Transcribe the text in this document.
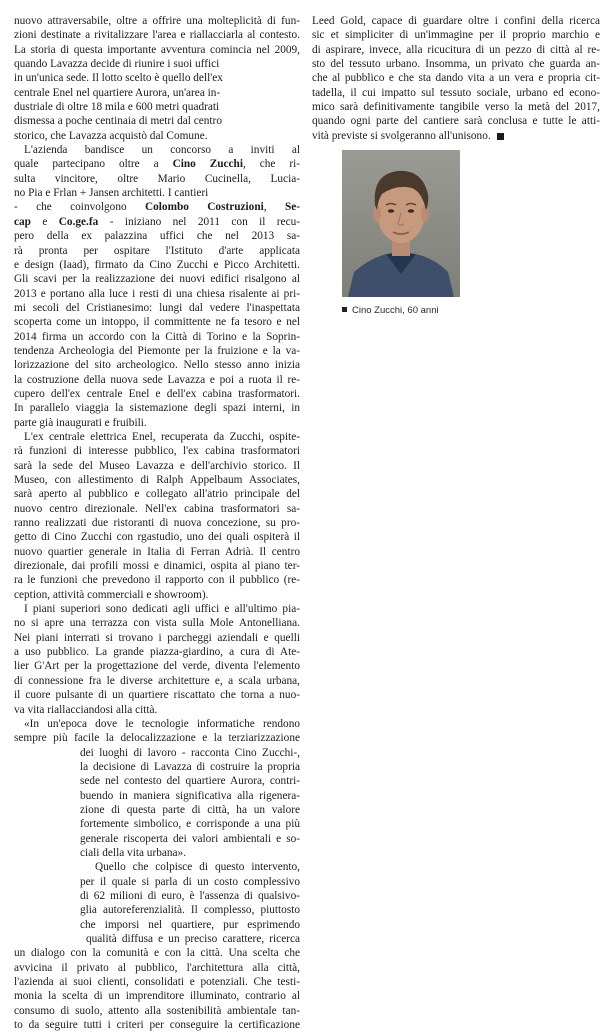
nuovo attraversabile, oltre a offrire una molteplicità di fun-
zioni destinate a rivitalizzare l'area e riallacciarla al contesto.
La storia di questa importante avventura comincia nel 2009,
quando Lavazza decide di riunire i suoi uffici
in un'unica sede. Il lotto scelto è quello dell'ex
centrale Enel nel quartiere Aurora, un'area in-
dustriale di oltre 18 mila e 600 metri quadrati
dismessa a poche centinaia di metri dal centro
storico, che Lavazza acquistò dal Comune.
L'azienda bandisce un concorso a inviti al
quale partecipano oltre a Cino Zucchi, che ri-
sulta vincitore, oltre Mario Cucinella, Lucia-
no Pia e Frlan + Jansen architetti. I cantieri
- che coinvolgono Colombo Costruzioni, Se-
cap e Co.ge.fa - iniziano nel 2011 con il recu-
pero della ex palazzina uffici che nel 2013 sa-
rà pronta per ospitare l'Istituto d'arte applicata
e design (Iaad), firmato da Cino Zucchi e Picco Architetti.
Gli scavi per la realizzazione dei nuovi edifici risalgono al
2013 e portano alla luce i resti di una chiesa risalente ai pri-
mi secoli del Cristianesimo: lungi dal vedere l'inaspettata
scoperta come un intoppo, il committente ne fa tesoro e nel
2014 firma un accordo con la Città di Torino e la Soprin-
tendenza Archeologia del Piemonte per la fruizione e la va-
lorizzazione del sito archeologico. Nello stesso anno inizia
la costruzione della nuova sede Lavazza e poi a ruota il re-
cupero dell'ex centrale Enel e dell'ex cabina trasformatori.
In parallelo viaggia la sistemazione degli spazi interni, in
parte già inaugurati e fruibili.
L'ex centrale elettrica Enel, recuperata da Zucchi, ospite-
rà funzioni di interesse pubblico, l'ex cabina trasformatori
sarà la sede del Museo Lavazza e dell'archivio storico. Il
Museo, con allestimento di Ralph Appelbaum Associates,
sarà aperto al pubblico e collegato all'atrio principale del
nuovo centro direzionale. Nell'ex cabina trasformatori sa-
ranno realizzati due ristoranti di nuova concezione, su pro-
getto di Cino Zucchi con rgastudio, uno dei quali ospiterà il
nuovo quartier generale in Italia di Ferran Adrià. Il centro
direzionale, dai profili mossi e dinamici, ospita al piano ter-
ra le funzioni che prevedono il rapporto con il pubblico (re-
ception, attività commerciali e showroom).
I piani superiori sono dedicati agli uffici e all'ultimo pia-
no si apre una terrazza con vista sulla Mole Antonelliana.
Nei piani interrati si trovano i parcheggi aziendali e quelli
a uso pubblico. La grande piazza-giardino, a cura di Ate-
lier G'Art per la progettazione del verde, diventa l'elemento
di connessione fra le diverse architetture e, a scala urbana,
il cuore pulsante di un quartiere riscattato che torna a nuo-
va vita riallacciandosi alla città.
«In un'epoca dove le tecnologie informatiche rendono
sempre più facile la delocalizzazione e la terziarizzazione
dei luoghi di lavoro - racconta Cino Zucchi-,
la decisione di Lavazza di costruire la propria
sede nel contesto del quartiere Aurora, contri-
buendo in maniera significativa alla rigenera-
zione di questa parte di città, ha un valore
fortemente simbolico, e corrisponde a una più
generale riscoperta dei valori ambientali e so-
ciali della vita urbana».
Quello che colpisce di questo intervento,
per il quale si parla di un costo complessivo
di 62 milioni di euro, è l'assenza di qualsivo-
glia autoreferenzialità. Il complesso, piuttosto
che imporsi nel quartiere, pur esprimendo
qualità diffusa e un preciso carattere, ricerca
un dialogo con la comunità e con la città. Una scelta che
avvicina il privato al pubblico, l'architettura alla città,
l'azienda ai suoi clienti, consolidati e potenziali. Che testi-
monia la scelta di un imprenditore illuminato, contrario al
consumo di suolo, attento alla sostenibilità ambientale tan-
to da seguire tutti i criteri per conseguire la certificazione
Leed Gold, capace di guardare oltre i confini della ricerca
sic et simpliciter di un'immagine per il proprio marchio e
di aspirare, invece, alla ricucitura di un pezzo di città al re-
sto del tessuto urbano. Insomma, un privato che guarda an-
che al pubblico e che sta dando vita a un vera e propria cit-
tadella, il cui impatto sul tessuto sociale, urbano ed econo-
mico sarà definitivamente tangibile verso la metà del 2017,
quando ogni parte del cantiere sarà conclusa e tutte le atti-
vità previste si svolgeranno all'unisono.
Cino Zucchi, 60 anni
